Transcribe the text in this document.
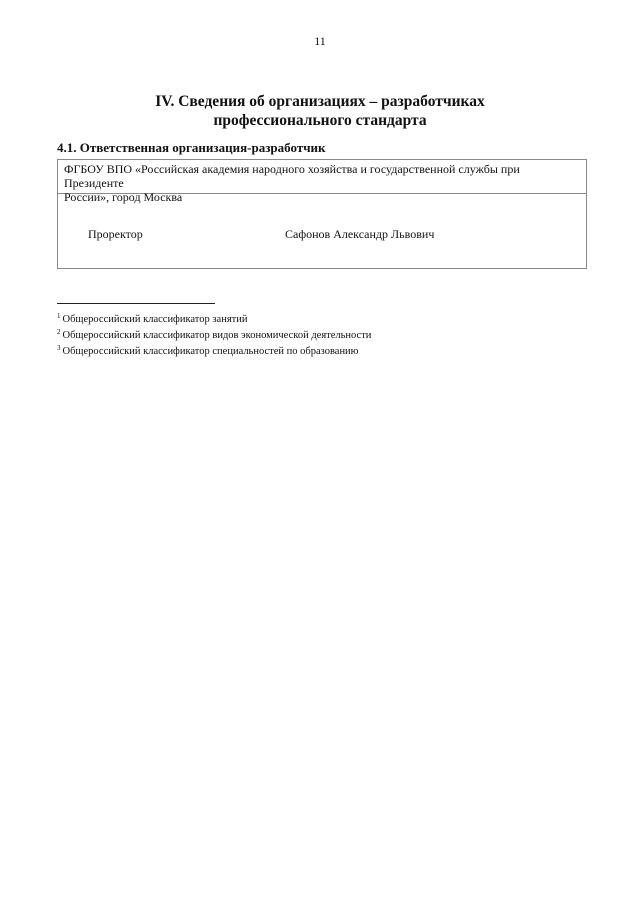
11
IV. Сведения об организациях – разработчиках
профессионального стандарта
4.1. Ответственная организация-разработчик
ФГБОУ ВПО «Российская академия народного хозяйства и государственной службы при Президенте
России», город Москва
Проректор	Сафонов Александр Львович
$^1$ Общероссийский классификатор занятий
$^2$ Общероссийский классификатор видов экономической деятельности
$^3$ Общероссийский классификатор специальностей по образованию
